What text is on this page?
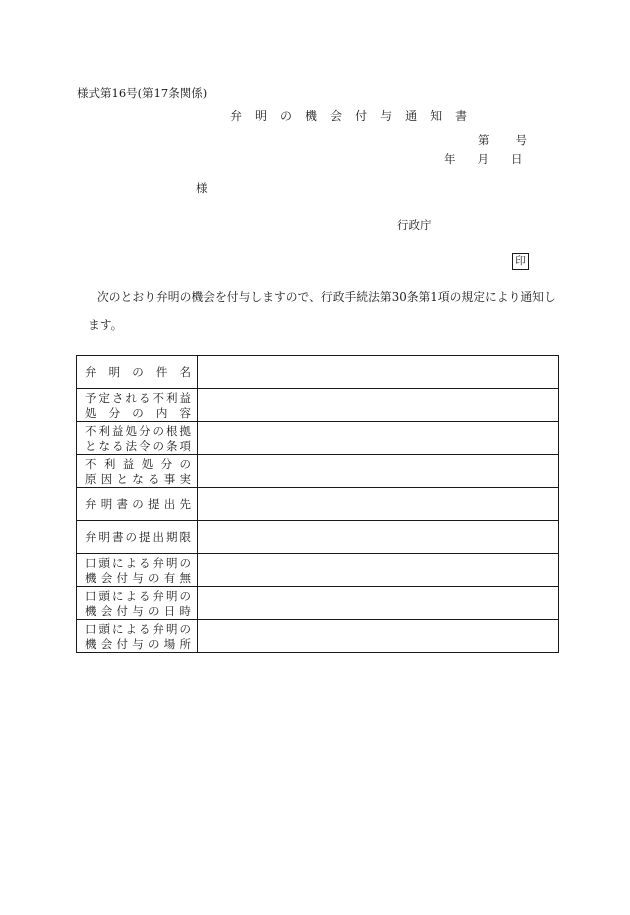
様式第16号(第17条関係)
弁 明 の 機 会 付 与 通 知 書
第 号
年 月 日
様
行政庁
印
次のとおり弁明の機会を付与しますので、行政手続法第30条第1項の規定により通知し
ます。
弁明の件名	

予定される不利益
処分の内容	

不利益処分の根拠
となる法令の条項	

不利益処分の
原因となる事実	

弁明書の提出先	

弁明書の提出期限	

口頭による弁明の
機会付与の有無	

口頭による弁明の
機会付与の日時	

口頭による弁明の
機会付与の場所	
